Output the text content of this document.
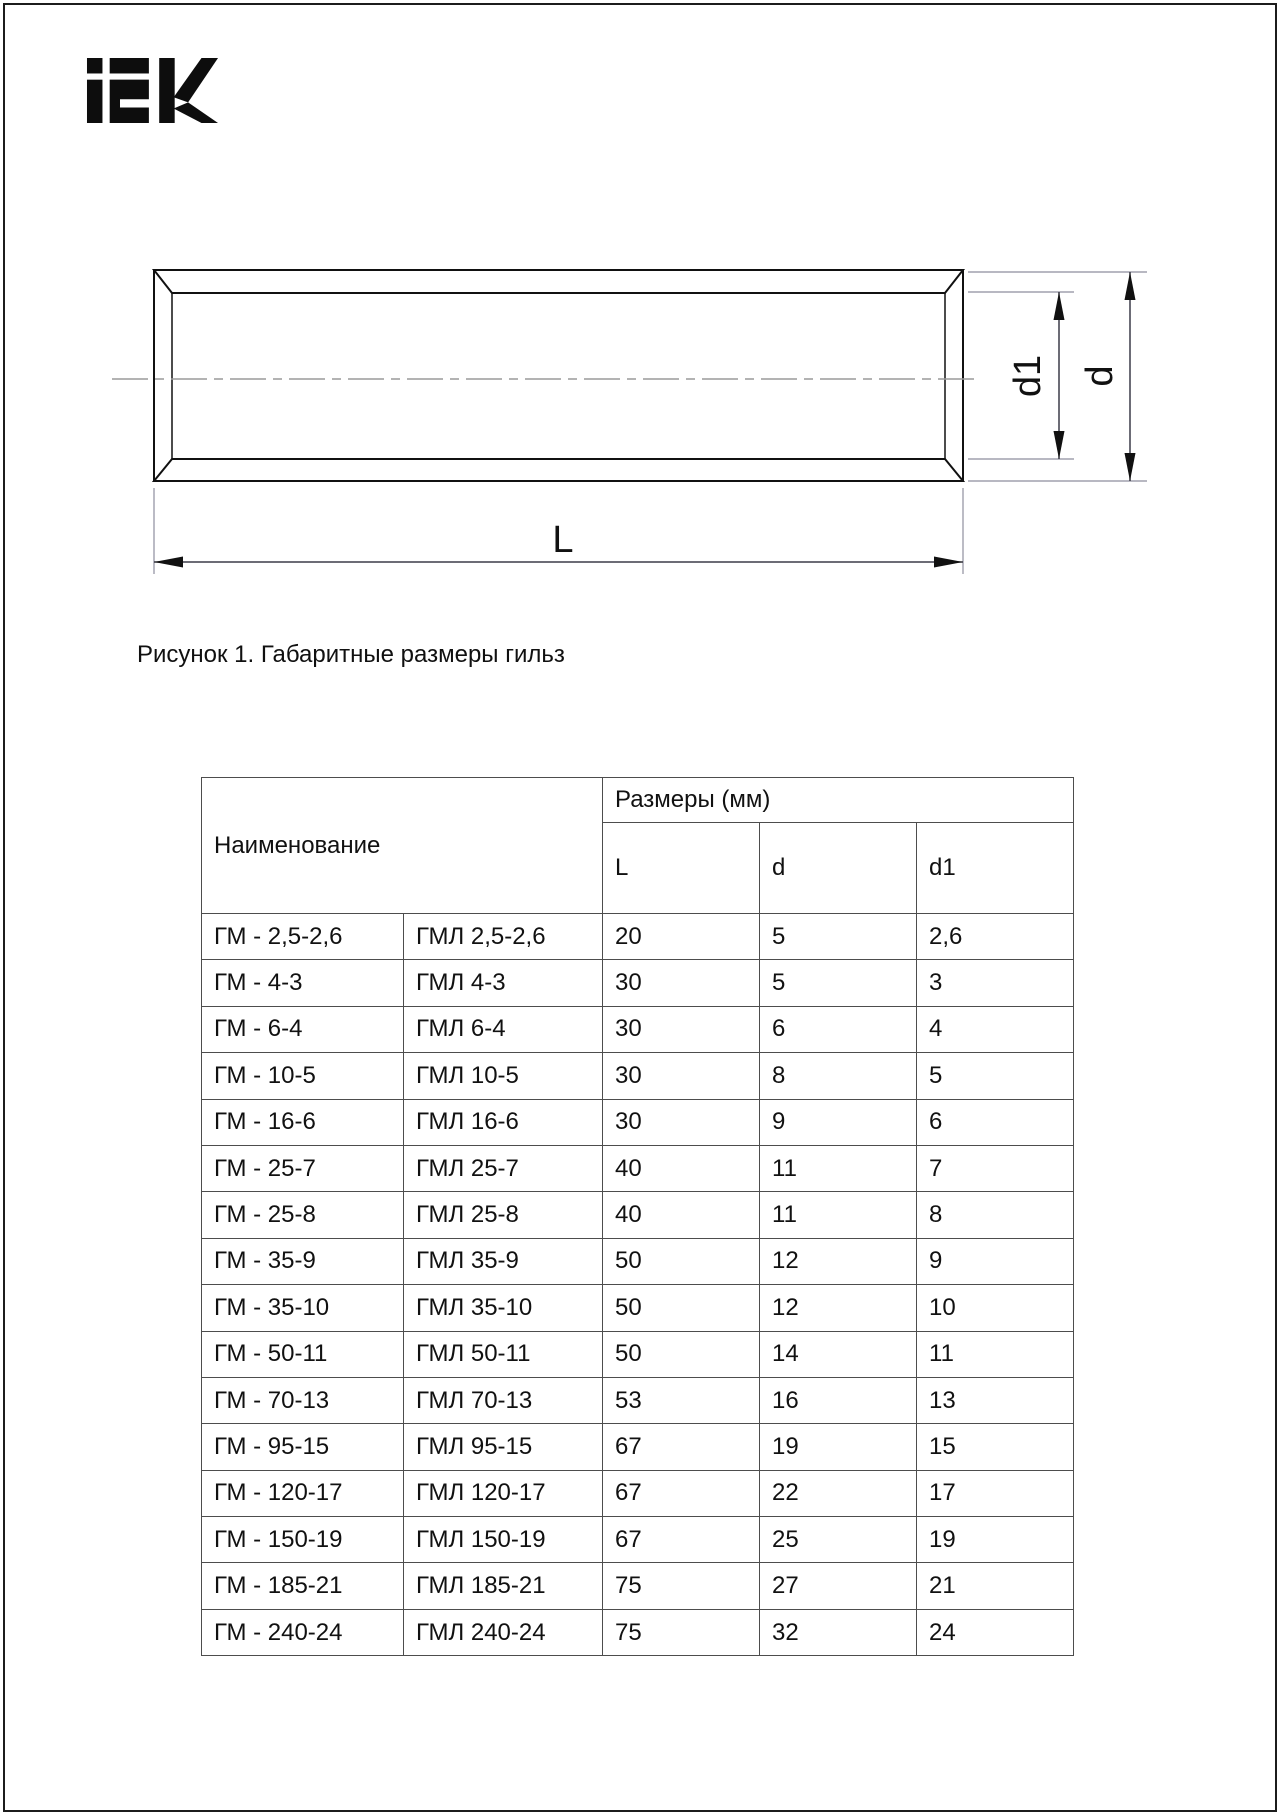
L
d1 d
Рисунок 1. Габаритные размеры гильз
Наименование		Размеры (мм)		
		L	d	d1
ГМ - 2,5-2,6	ГМЛ 2,5-2,6	20	5	2,6
ГМ - 4-3	ГМЛ 4-3	30	5	3
ГМ - 6-4	ГМЛ 6-4	30	6	4
ГМ - 10-5	ГМЛ 10-5	30	8	5
ГМ - 16-6	ГМЛ 16-6	30	9	6
ГМ - 25-7	ГМЛ 25-7	40	11	7
ГМ - 25-8	ГМЛ 25-8	40	11	8
ГМ - 35-9	ГМЛ 35-9	50	12	9
ГМ - 35-10	ГМЛ 35-10	50	12	10
ГМ - 50-11	ГМЛ 50-11	50	14	11
ГМ - 70-13	ГМЛ 70-13	53	16	13
ГМ - 95-15	ГМЛ 95-15	67	19	15
ГМ - 120-17	ГМЛ 120-17	67	22	17
ГМ - 150-19	ГМЛ 150-19	67	25	19
ГМ - 185-21	ГМЛ 185-21	75	27	21
ГМ - 240-24	ГМЛ 240-24	75	32	24
